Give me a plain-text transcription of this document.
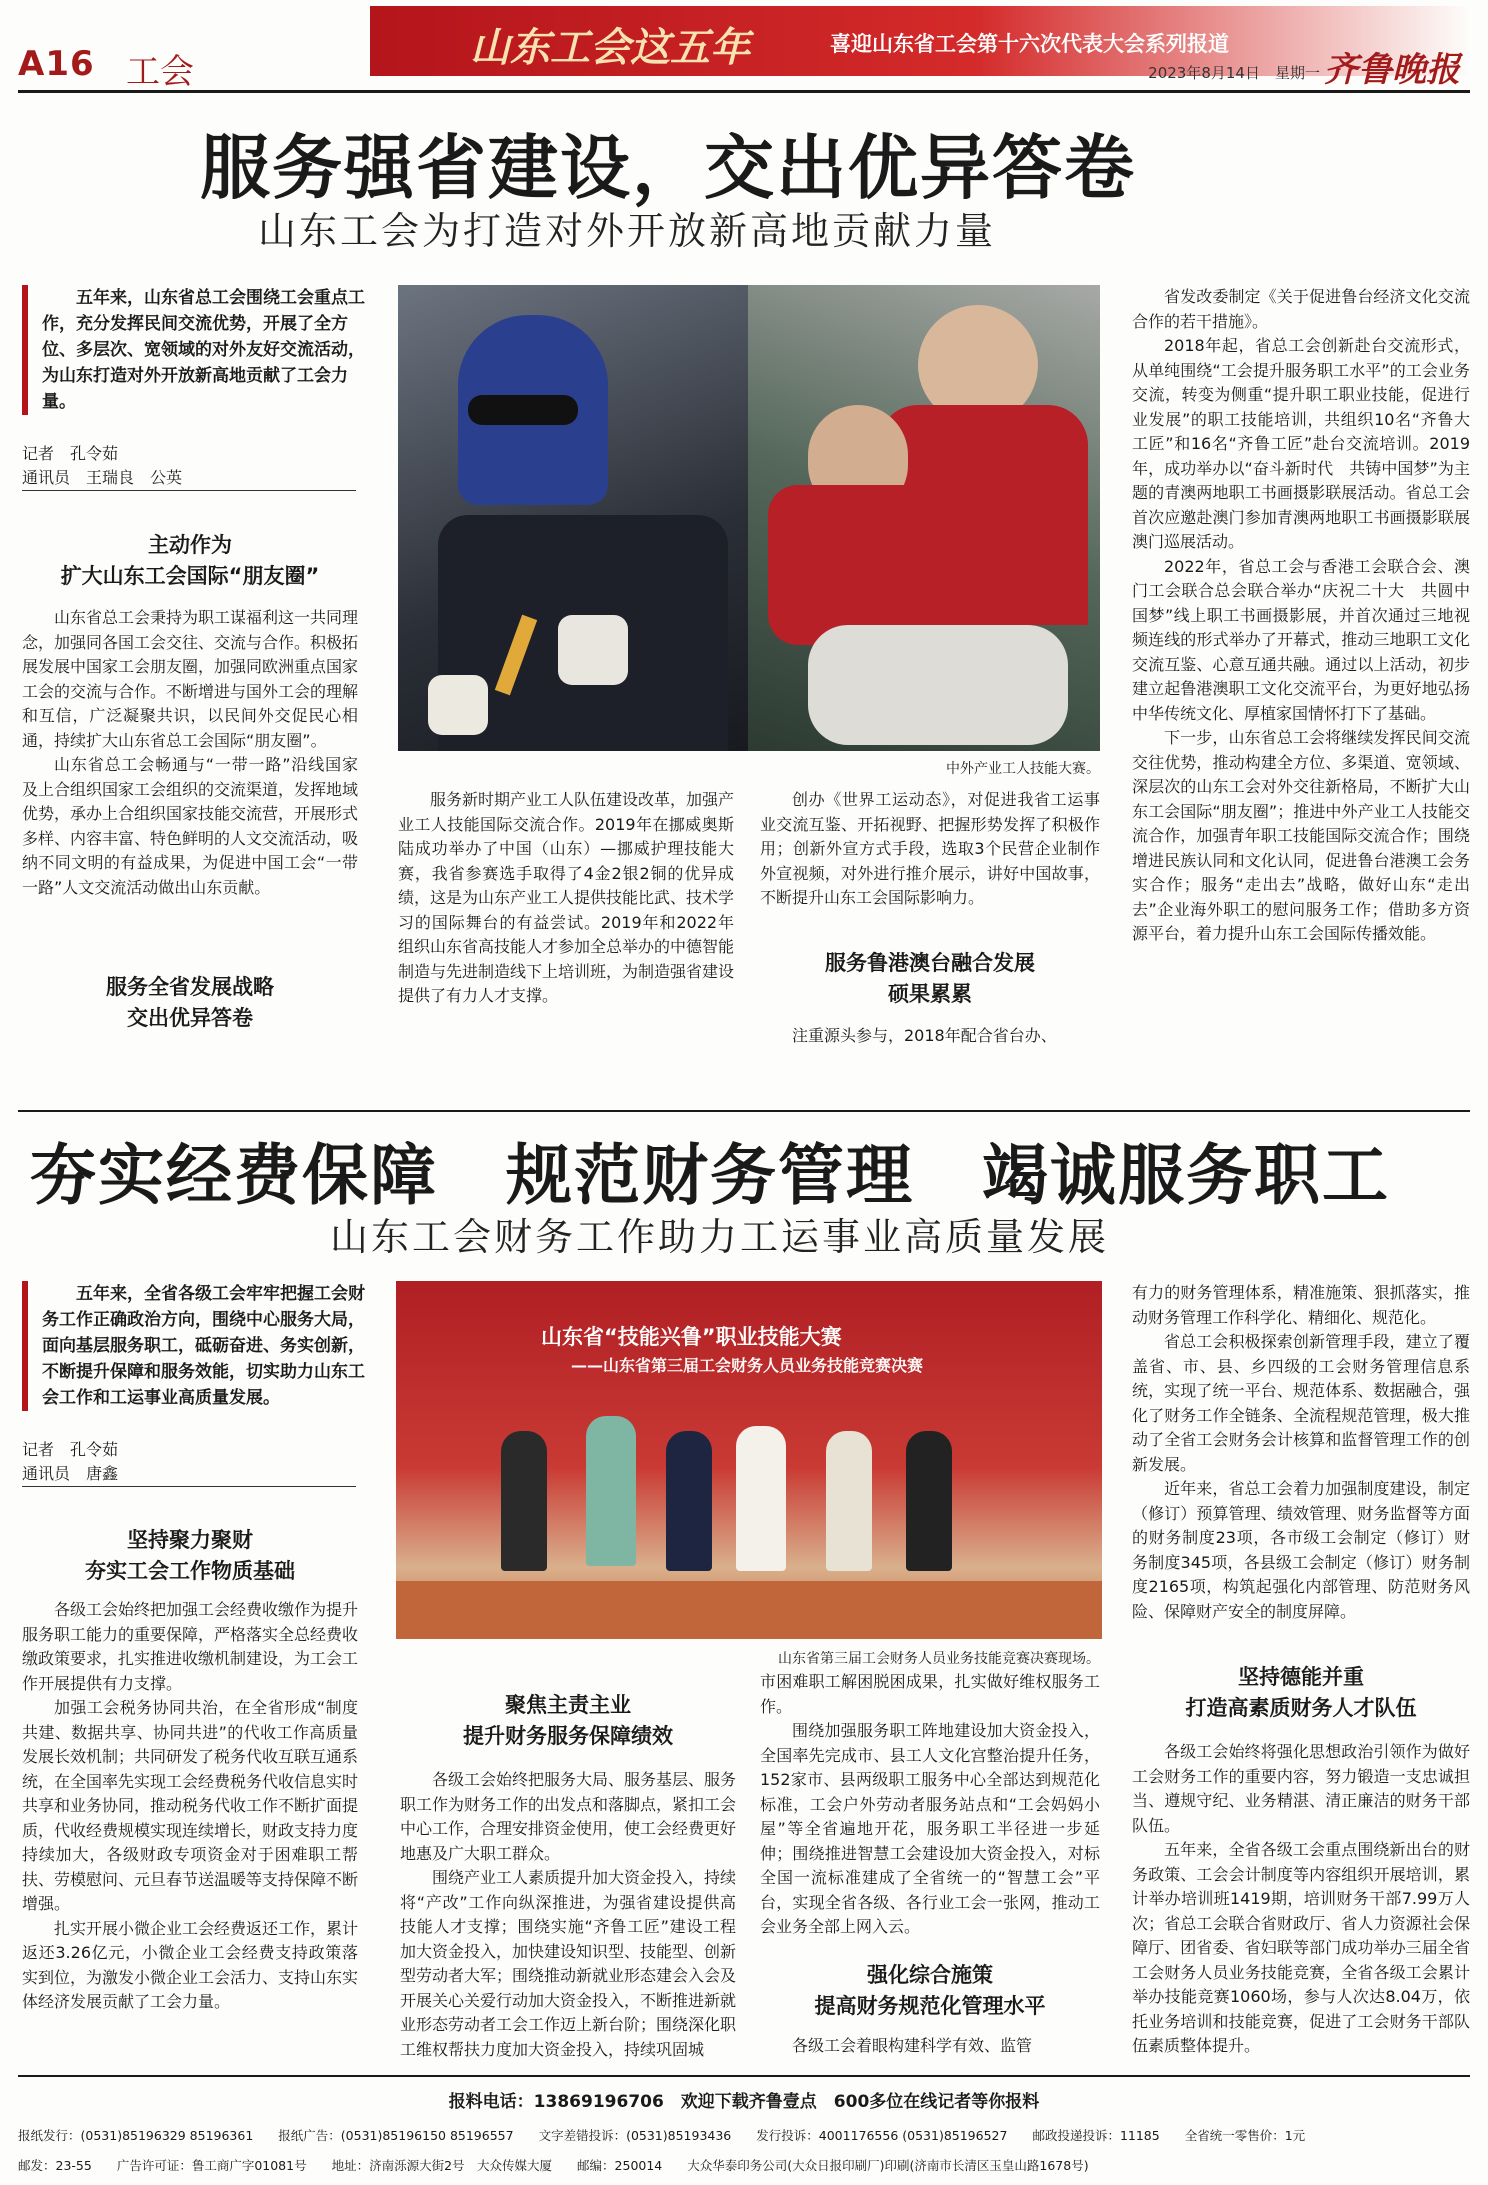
山东工会这五年	喜迎山东省工会第十六次代表大会系列报道
A16 工会	2023年8月14日　 星期一 齐鲁晚报
服务强省建设，交出优异答卷
山东工会为打造对外开放新高地贡献力量
五年来，山东省总工会围绕工会重点工作，充分发挥民间交流优势，开展了全方位、多层次、宽领域的对外友好交流活动，为山东打造对外开放新高地贡献了工会力量。
记者　孔令茹
通讯员　王瑞良　公英
主动作为
扩大山东工会国际“朋友圈”

山东省总工会秉持为职工谋福利这一共同理念，加强同各国工会交往、交流与合作。积极拓展发展中国家工会朋友圈，加强同欧洲重点国家工会的交流与合作。不断增进与国外工会的理解和互信，广泛凝聚共识，以民间外交促民心相通，持续扩大山东省总工会国际“朋友圈”。

山东省总工会畅通与“一带一路”沿线国家及上合组织国家工会组织的交流渠道，发挥地域优势，承办上合组织国家技能交流营，开展形式多样、内容丰富、特色鲜明的人文交流活动，吸纳不同文明的有益成果，为促进中国工会“一带一路”人文交流活动做出山东贡献。

服务全省发展战略
交出优异答卷
中外产业工人技能大赛。

服务新时期产业工人队伍建设改革，加强产业工人技能国际交流合作。2019年在挪威奥斯陆成功举办了中国（山东）—挪威护理技能大赛，我省参赛选手取得了4金2银2铜的优异成绩，这是为山东产业工人提供技能比武、技术学习的国际舞台的有益尝试。2019年和2022年组织山东省高技能人才参加全总举办的中德智能制造与先进制造线下上培训班，为制造强省建设提供了有力人才支撑。

创办《世界工运动态》，对促进我省工运事业交流互鉴、开拓视野、把握形势发挥了积极作用；创新外宣方式手段，选取3个民营企业制作外宣视频，对外进行推介展示，讲好中国故事，不断提升山东工会国际影响力。

服务鲁港澳台融合发展
硕果累累

注重源头参与，2018年配合省台办、

省发改委制定《关于促进鲁台经济文化交流合作的若干措施》。

2018年起，省总工会创新赴台交流形式，从单纯围绕“工会提升服务职工水平”的工会业务交流，转变为侧重“提升职工职业技能，促进行业发展”的职工技能培训，共组织10名“齐鲁大工匠”和16名“齐鲁工匠”赴台交流培训。2019年，成功举办以“奋斗新时代　共铸中国梦”为主题的青澳两地职工书画摄影联展活动。省总工会首次应邀赴澳门参加青澳两地职工书画摄影联展澳门巡展活动。

2022年，省总工会与香港工会联合会、澳门工会联合总会联合举办“庆祝二十大　共圆中国梦”线上职工书画摄影展，并首次通过三地视频连线的形式举办了开幕式，推动三地职工文化交流互鉴、心意互通共融。通过以上活动，初步建立起鲁港澳职工文化交流平台，为更好地弘扬中华传统文化、厚植家国情怀打下了基础。

下一步，山东省总工会将继续发挥民间交流交往优势，推动构建全方位、多渠道、宽领域、深层次的山东工会对外交往新格局，不断扩大山东工会国际“朋友圈”；推进中外产业工人技能交流合作，加强青年职工技能国际交流合作；围绕增进民族认同和文化认同，促进鲁台港澳工会务实合作；服务“走出去”战略，做好山东“走出去”企业海外职工的慰问服务工作；借助多方资源平台，着力提升山东工会国际传播效能。

夯实经费保障　规范财务管理　竭诚服务职工
山东工会财务工作助力工运事业高质量发展
五年来，全省各级工会牢牢把握工会财务工作正确政治方向，围绕中心服务大局，面向基层服务职工，砥砺奋进、务实创新，不断提升保障和服务效能，切实助力山东工会工作和工运事业高质量发展。
记者　孔令茹
通讯员　唐鑫
坚持聚力聚财
夯实工会工作物质基础

各级工会始终把加强工会经费收缴作为提升服务职工能力的重要保障，严格落实全总经费收缴政策要求，扎实推进收缴机制建设，为工会工作开展提供有力支撑。

加强工会税务协同共治，在全省形成“制度共建、数据共享、协同共进”的代收工作高质量发展长效机制；共同研发了税务代收互联互通系统，在全国率先实现工会经费税务代收信息实时共享和业务协同，推动税务代收工作不断扩面提质，代收经费规模实现连续增长，财政支持力度持续加大，各级财政专项资金对于困难职工帮扶、劳模慰问、元旦春节送温暖等支持保障不断增强。

扎实开展小微企业工会经费返还工作，累计返还3.26亿元，小微企业工会经费支持政策落实到位，为激发小微企业工会活力、支持山东实体经济发展贡献了工会力量。

山东省“技能兴鲁”职业技能大赛
——山东省第三届工会财务人员业务技能竞赛决赛
山东省第三届工会财务人员业务技能竞赛决赛现场。
聚焦主责主业
提升财务服务保障绩效

各级工会始终把服务大局、服务基层、服务职工作为财务工作的出发点和落脚点，紧扣工会中心工作，合理安排资金使用，使工会经费更好地惠及广大职工群众。

围绕产业工人素质提升加大资金投入，持续将“产改”工作向纵深推进，为强省建设提供高技能人才支撑；围绕实施“齐鲁工匠”建设工程加大资金投入，加快建设知识型、技能型、创新型劳动者大军；围绕推动新就业形态建会入会及开展关心关爱行动加大资金投入，不断推进新就业形态劳动者工会工作迈上新台阶；围绕深化职工维权帮扶力度加大资金投入，持续巩固城

市困难职工解困脱困成果，扎实做好维权服务工作。

围绕加强服务职工阵地建设加大资金投入，全国率先完成市、县工人文化宫整治提升任务，152家市、县两级职工服务中心全部达到规范化标准，工会户外劳动者服务站点和“工会妈妈小屋”等全省遍地开花，服务职工半径进一步延伸；围绕推进智慧工会建设加大资金投入，对标全国一流标准建成了全省统一的“智慧工会”平台，实现全省各级、各行业工会一张网，推动工会业务全部上网入云。

强化综合施策
提高财务规范化管理水平

各级工会着眼构建科学有效、监管

有力的财务管理体系，精准施策、狠抓落实，推动财务管理工作科学化、精细化、规范化。

省总工会积极探索创新管理手段，建立了覆盖省、市、县、乡四级的工会财务管理信息系统，实现了统一平台、规范体系、数据融合，强化了财务工作全链条、全流程规范管理，极大推动了全省工会财务会计核算和监督管理工作的创新发展。

近年来，省总工会着力加强制度建设，制定（修订）预算管理、绩效管理、财务监督等方面的财务制度23项，各市级工会制定（修订）财务制度345项，各县级工会制定（修订）财务制度2165项，构筑起强化内部管理、防范财务风险、保障财产安全的制度屏障。

坚持德能并重
打造高素质财务人才队伍

各级工会始终将强化思想政治引领作为做好工会财务工作的重要内容，努力锻造一支忠诚担当、遵规守纪、业务精湛、清正廉洁的财务干部队伍。

五年来，全省各级工会重点围绕新出台的财务政策、工会会计制度等内容组织开展培训，累计举办培训班1419期，培训财务干部7.99万人次；省总工会联合省财政厅、省人力资源社会保障厅、团省委、省妇联等部门成功举办三届全省工会财务人员业务技能竞赛，全省各级工会累计举办技能竞赛1060场，参与人次达8.04万，依托业务培训和技能竞赛，促进了工会财务干部队伍素质整体提升。

报料电话：13869196706　欢迎下载齐鲁壹点　600多位在线记者等你报料
报纸发行：(0531)85196329 85196361　　报纸广告：(0531)85196150 85196557　　文字差错投诉：(0531)85193436　　发行投诉：4001176556 (0531)85196527　　邮政投递投诉：11185　　全省统一零售价：1元
邮发：23-55　　广告许可证：鲁工商广字01081号　　地址：济南泺源大街2号　大众传媒大厦　　邮编：250014　　大众华泰印务公司(大众日报印刷厂)印刷(济南市长清区玉皇山路1678号)
